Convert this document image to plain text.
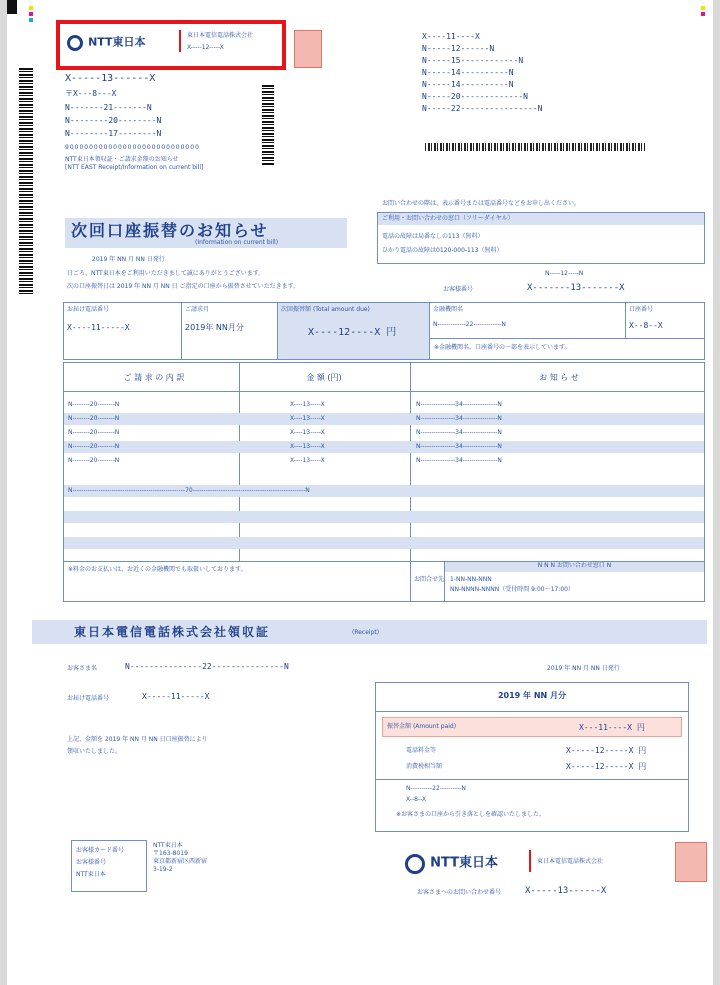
NTT東日本	東日本電信電話株式会社
X-----12-----X
X----11----X
N-----12------N
N-----15------------N
N-----14----------N
N-----14----------N
N-----20-------------N
N-----22----------------N
X-----13------X
〒X---8---X
N-------21-------N
N--------20--------N
N--------17--------N
9000000000000000000000000000
NTT東日本領収証・ご請求金額のお知らせ
[NTT EAST Receipt/Information on current bill]
次回口座振替のお知らせ
(Information on current bill)
お問い合わせの際は、表示番号または電話番号などをお申し出ください。
ご利用・お問い合わせの窓口（フリーダイヤル）
電話の故障は局番なしの113（無料）
ひかり電話の故障は0120-000-113（無料）
2019 年 NN 月 NN 日発行
日ごろ、NTT東日本をご利用いただきまして誠にありがとうございます。
次の口座振替日は 2019 年 NN 月 NN 日 ご指定の口座から振替させていただきます。
N-----12-----N
お客様番号	X-------13-------X
お届け電話番号
X----11-----X
ご請求月
2019年 NN月分
次回振替額 (Total amount due)
X----12----X 円
金融機関名
N-------------22-------------N
口座番号
X--8--X
※金融機関名、口座番号の一部を表示しています。
ご 請 求 の 内 訳	金 額 (円)	お 知 ら せ
N--------20--------N	X----13-----X	N----------------34----------------N
N--------20--------N	X----13-----X	N----------------34----------------N
N--------20--------N	X----13-----X	N----------------34----------------N
N--------20--------N	X----13-----X	N----------------34----------------N
N--------20--------N	X----13-----X	N----------------34----------------N
N----------------------------------------------------70----------------------------------------------------N
※料金のお支払いは、お近くの金融機関でも取扱いしております。
お問合せ先
N N N お問い合わせ窓口 N
1-NN-NN-NNN
NN-NNNN-NNNN（受付時間 9:00～17:00）
東日本電信電話株式会社領収証	(Receipt)
お客さま名	N---------------22---------------N	2019 年 NN 月 NN 日発行
お届け電話番号	X-----11-----X
上記、金額を 2019 年 NN 月 NN 日口座振替により
領収いたしました。
2019 年 NN 月分
振替金額 (Amount paid)	X---11----X 円
電話料金等	X-----12-----X 円
消費税相当額	X-----12-----X 円
N----------22----------N
X--8--X
※お客さまの口座から引き落としを確認いたしました。
お客様カード番号
お客様番号
NTT東日本
NTT東日本
〒163-8019
東京都新宿区西新宿
3-19-2	NTT東日本	東日本電信電話株式会社
お客さまへのお問い合わせ番号	X-----13------X
